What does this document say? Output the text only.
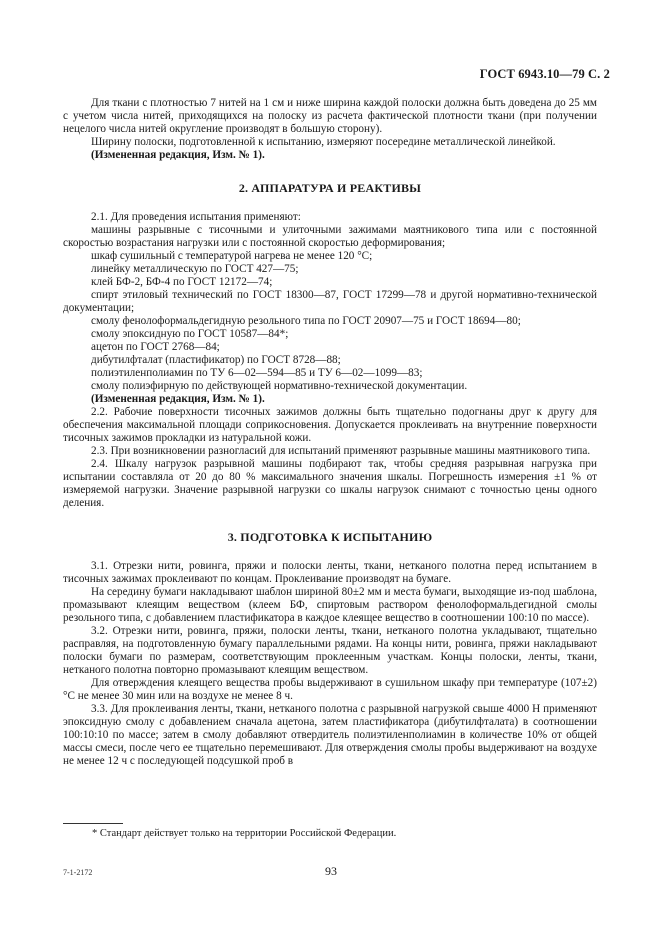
ГОСТ 6943.10—79 С. 2

Для ткани с плотностью 7 нитей на 1 см и ниже ширина каждой полоски должна быть доведена до 25 мм с учетом числа нитей, приходящихся на полоску из расчета фактической плотности ткани (при получении нецелого числа нитей округление производят в большую сторону).

Ширину полоски, подготовленной к испытанию, измеряют посередине металлической линейкой.

(Измененная редакция, Изм. № 1).

2. АППАРАТУРА И РЕАКТИВЫ

2.1. Для проведения испытания применяют:

машины разрывные с тисочными и улиточными зажимами маятникового типа или с постоянной скоростью возрастания нагрузки или с постоянной скоростью деформирования;

шкаф сушильный с температурой нагрева не менее 120 °С;

линейку металлическую по ГОСТ 427—75;

клей БФ-2, БФ-4 по ГОСТ 12172—74;

спирт этиловый технический по ГОСТ 18300—87, ГОСТ 17299—78 и другой нормативно-технической документации;

смолу фенолоформальдегидную резольного типа по ГОСТ 20907—75 и ГОСТ 18694—80;

смолу эпоксидную по ГОСТ 10587—84*;

ацетон по ГОСТ 2768—84;

дибутилфталат (пластификатор) по ГОСТ 8728—88;

полиэтиленполиамин по ТУ 6—02—594—85 и ТУ 6—02—1099—83;

смолу полиэфирную по действующей нормативно-технической документации.

(Измененная редакция, Изм. № 1).

2.2. Рабочие поверхности тисочных зажимов должны быть тщательно подогнаны друг к другу для обеспечения максимальной площади соприкосновения. Допускается проклеивать на внутренние поверхности тисочных зажимов прокладки из натуральной кожи.

2.3. При возникновении разногласий для испытаний применяют разрывные машины маятникового типа.

2.4. Шкалу нагрузок разрывной машины подбирают так, чтобы средняя разрывная нагрузка при испытании составляла от 20 до 80 % максимального значения шкалы. Погрешность измерения ±1 % от измеряемой нагрузки. Значение разрывной нагрузки со шкалы нагрузок снимают с точностью цены одного деления.

3. ПОДГОТОВКА К ИСПЫТАНИЮ

3.1. Отрезки нити, ровинга, пряжи и полоски ленты, ткани, нетканого полотна перед испытанием в тисочных зажимах проклеивают по концам. Проклеивание производят на бумаге.

На середину бумаги накладывают шаблон шириной 80±2 мм и места бумаги, выходящие из-под шаблона, промазывают клеящим веществом (клеем БФ, спиртовым раствором фенолоформальдегидной смолы резольного типа, с добавлением пластификатора в каждое клеящее вещество в соотношении 100:10 по массе).

3.2. Отрезки нити, ровинга, пряжи, полоски ленты, ткани, нетканого полотна укладывают, тщательно расправляя, на подготовленную бумагу параллельными рядами. На концы нити, ровинга, пряжи накладывают полоски бумаги по размерам, соответствующим проклеенным участкам. Концы полоски, ленты, ткани, нетканого полотна повторно промазывают клеящим веществом.

Для отверждения клеящего вещества пробы выдерживают в сушильном шкафу при температуре (107±2) °С не менее 30 мин или на воздухе не менее 8 ч.

3.3. Для проклеивания ленты, ткани, нетканого полотна с разрывной нагрузкой свыше 4000 Н применяют эпоксидную смолу с добавлением сначала ацетона, затем пластификатора (дибутилфталата) в соотношении 100:10:10 по массе; затем в смолу добавляют отвердитель полиэтиленполиамин в количестве 10% от общей массы смеси, после чего ее тщательно перемешивают. Для отверждения смолы пробы выдерживают на воздухе не менее 12 ч с последующей подсушкой проб в

* Стандарт действует только на территории Российской Федерации.
7-1-2172	93
